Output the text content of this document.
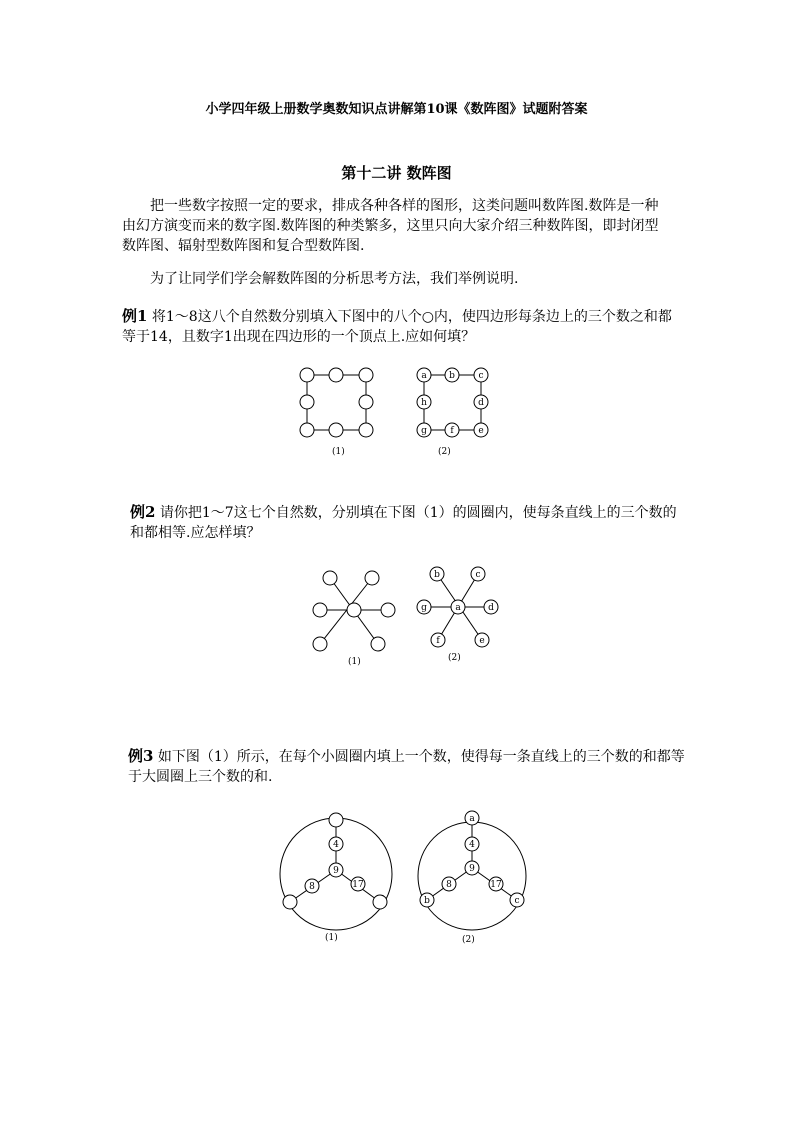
小学四年级上册数学奥数知识点讲解第10课《数阵图》试题附答案
第十二讲 数阵图
把一些数字按照一定的要求，排成各种各样的图形，这类问题叫数阵图.数阵是一种由幻方演变而来的数字图.数阵图的种类繁多，这里只向大家介绍三种数阵图，即封闭型数阵图、辐射型数阵图和复合型数阵图.
为了让同学们学会解数阵图的分析思考方法，我们举例说明.
例1 将1～8这八个自然数分别填入下图中的八个○内，使四边形每条边上的三个数之和都等于14，且数字1出现在四边形的一个顶点上.应如何填？
(1)
a b	c
d
e
f
g
h
(2)
例2 请你把1～7这七个自然数，分别填在下图（1）的圆圈内，使每条直线上的三个数的和都相等.应怎样填？
(1)
a
b	c
d
e
f
g
(2)
例3 如下图（1）所示，在每个小圆圈内填上一个数，使得每一条直线上的三个数的和都等于大圆圈上三个数的和.
4
9
8	17
(1)
a
4
9
8	17
b	c
(2)
